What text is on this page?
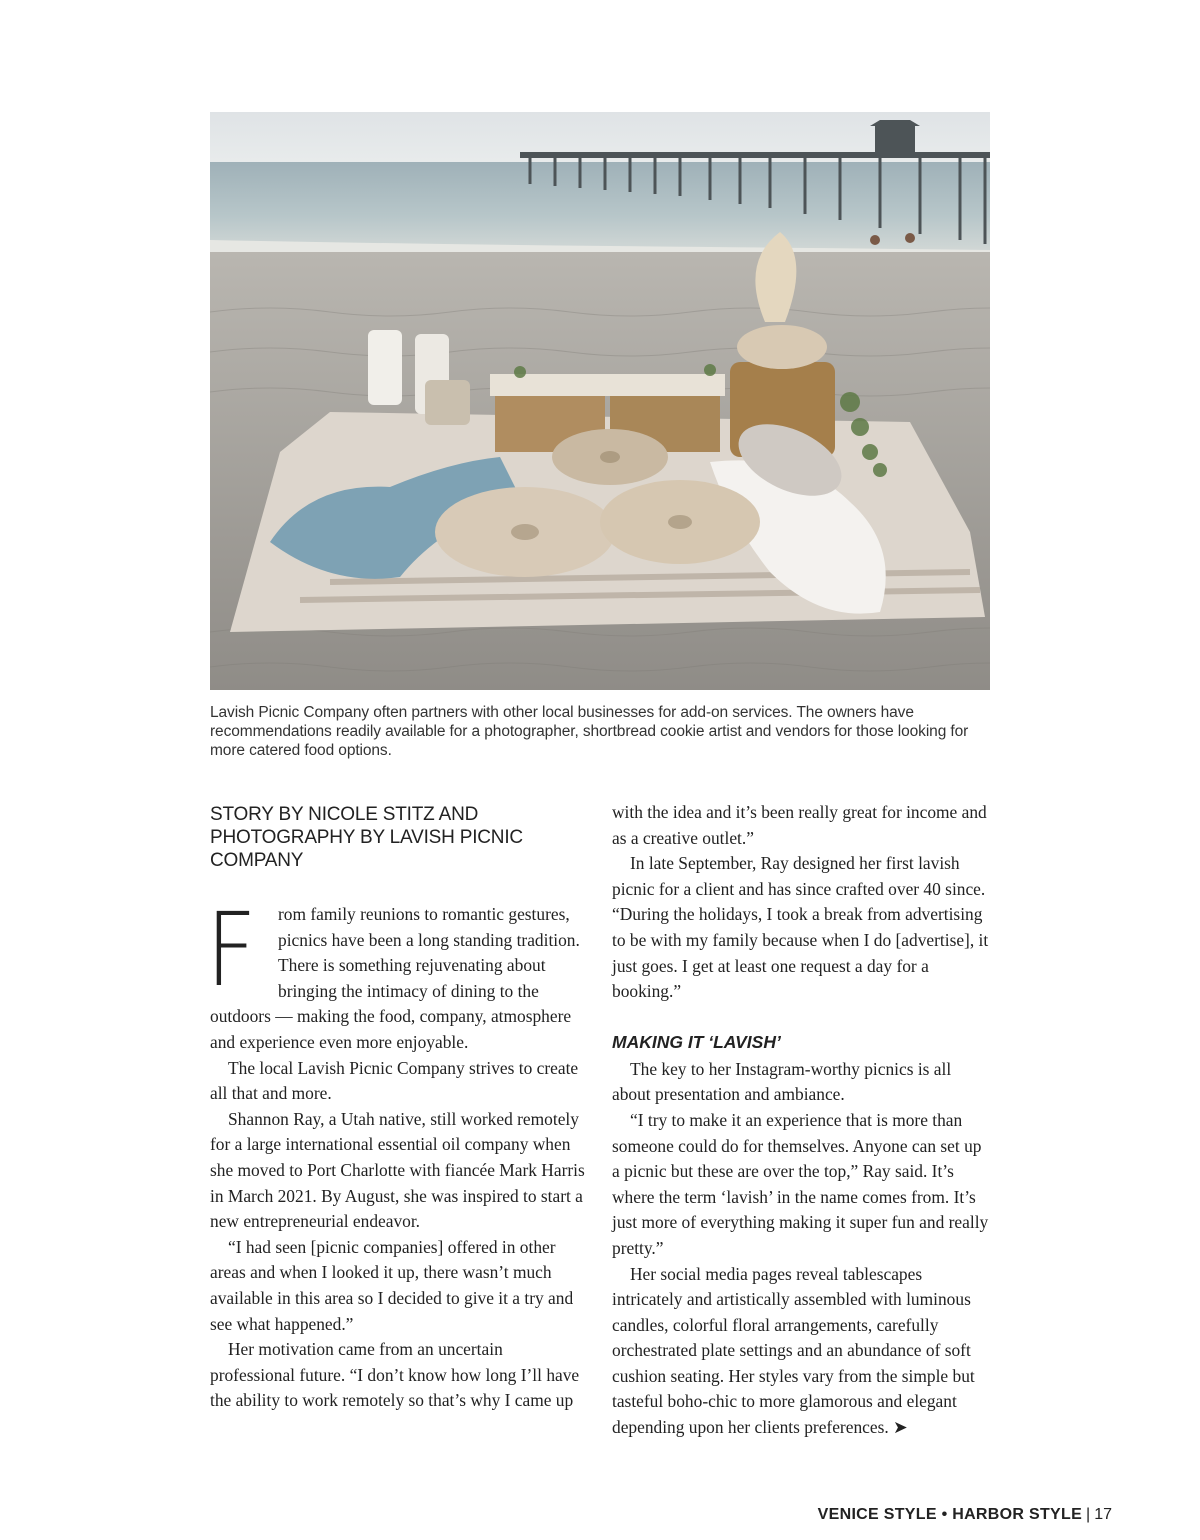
Lavish Picnic Company often partners with other local businesses for add-on services. The owners have recommendations readily available for a photographer, shortbread cookie artist and vendors for those looking for more catered food options.
STORY BY NICOLE STITZ AND PHOTOGRAPHY BY LAVISH PICNIC COMPANY

F rom family reunions to romantic gestures, picnics have been a long standing tradition. There is something rejuvenating about bringing the intimacy of dining to the outdoors — making the food, company, atmosphere and experience even more enjoyable.

The local Lavish Picnic Company strives to create all that and more.

Shannon Ray, a Utah native, still worked remotely for a large international essential oil company when she moved to Port Charlotte with fiancée Mark Harris in March 2021. By August, she was inspired to start a new entrepreneurial endeavor.

“I had seen [picnic companies] offered in other areas and when I looked it up, there wasn’t much available in this area so I decided to give it a try and see what happened.”

Her motivation came from an uncertain professional future. “I don’t know how long I’ll have the ability to work remotely so that’s why I came up

with the idea and it’s been really great for income and as a creative outlet.”

In late September, Ray designed her first lavish picnic for a client and has since crafted over 40 since. “During the holidays, I took a break from advertising to be with my family because when I do [advertise], it just goes. I get at least one request a day for a booking.”

MAKING IT ‘LAVISH’

The key to her Instagram-worthy picnics is all about presentation and ambiance.

“I try to make it an experience that is more than someone could do for themselves. Anyone can set up a picnic but these are over the top,” Ray said. It’s where the term ‘lavish’ in the name comes from. It’s just more of everything making it super fun and really pretty.”

Her social media pages reveal tablescapes intricately and artistically assembled with luminous candles, colorful floral arrangements, carefully orchestrated plate settings and an abundance of soft cushion seating. Her styles vary from the simple but tasteful boho-chic to more glamorous and elegant depending upon her clients preferences. ➤

VENICE STYLE • HARBOR STYLE | 17
